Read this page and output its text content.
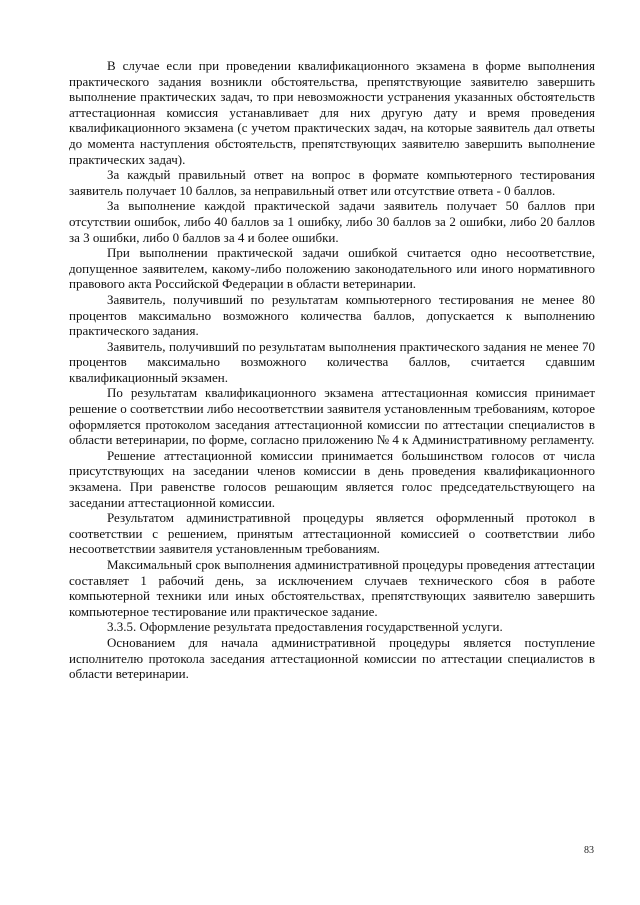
В случае если при проведении квалификационного экзамена в форме выполнения практического задания возникли обстоятельства, препятствующие заявителю завершить выполнение практических задач, то при невозможности устранения указанных обстоятельств аттестационная комиссия устанавливает для них другую дату и время проведения квалификационного экзамена (с учетом практических задач, на которые заявитель дал ответы до момента наступления обстоятельств, препятствующих заявителю завершить выполнение практических задач).

За каждый правильный ответ на вопрос в формате компьютерного тестирования заявитель получает 10 баллов, за неправильный ответ или отсутствие ответа - 0 баллов.

За выполнение каждой практической задачи заявитель получает 50 баллов при отсутствии ошибок, либо 40 баллов за 1 ошибку, либо 30 баллов за 2 ошибки, либо 20 баллов за 3 ошибки, либо 0 баллов за 4 и более ошибки.

При выполнении практической задачи ошибкой считается одно несоответствие, допущенное заявителем, какому-либо положению законодательного или иного нормативного правового акта Российской Федерации в области ветеринарии.

Заявитель, получивший по результатам компьютерного тестирования не менее 80 процентов максимально возможного количества баллов, допускается к выполнению практического задания.

Заявитель, получивший по результатам выполнения практического задания не менее 70 процентов максимально возможного количества баллов, считается сдавшим квалификационный экзамен.

По результатам квалификационного экзамена аттестационная комиссия принимает решение о соответствии либо несоответствии заявителя установленным требованиям, которое оформляется протоколом заседания аттестационной комиссии по аттестации специалистов в области ветеринарии, по форме, согласно приложению № 4 к Административному регламенту.

Решение аттестационной комиссии принимается большинством голосов от числа присутствующих на заседании членов комиссии в день проведения квалификационного экзамена. При равенстве голосов решающим является голос председательствующего на заседании аттестационной комиссии.

Результатом административной процедуры является оформленный протокол в соответствии с решением, принятым аттестационной комиссией о соответствии либо несоответствии заявителя установленным требованиям.

Максимальный срок выполнения административной процедуры проведения аттестации составляет 1 рабочий день, за исключением случаев технического сбоя в работе компьютерной техники или иных обстоятельствах, препятствующих заявителю завершить компьютерное тестирование или практическое задание.

3.3.5. Оформление результата предоставления государственной услуги.

Основанием для начала административной процедуры является поступление исполнителю протокола заседания аттестационной комиссии по аттестации специалистов в области ветеринарии.

83
